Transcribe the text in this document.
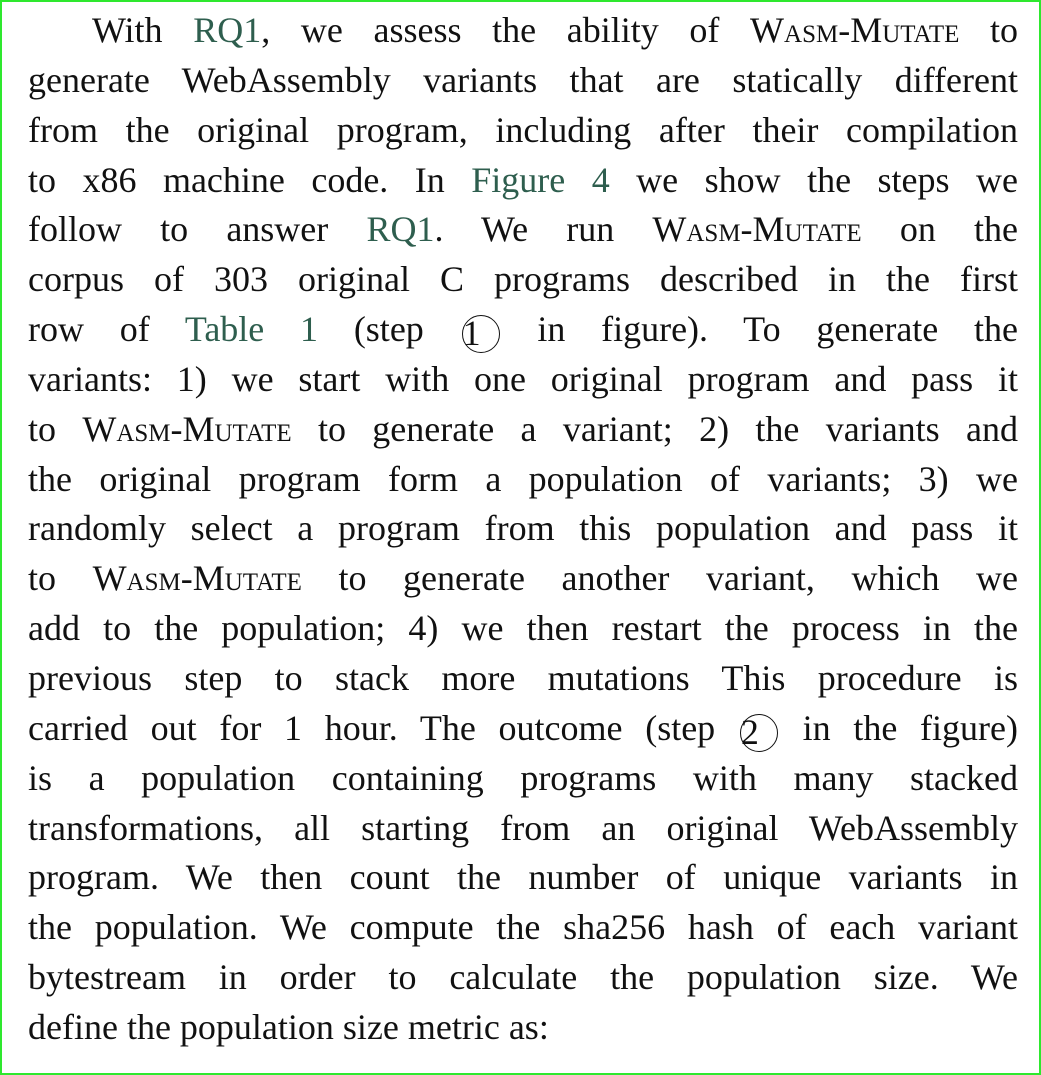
With RQ1, we assess the ability of Wasm-Mutate to
generate WebAssembly variants that are statically different
from the original program, including after their compilation
to x86 machine code. In Figure 4 we show the steps we
follow to answer RQ1. We run Wasm-Mutate on the
corpus of 303 original C programs described in the first
row of Table 1 (step 1 in figure). To generate the
variants: 1) we start with one original program and pass it
to Wasm-Mutate to generate a variant; 2) the variants and
the original program form a population of variants; 3) we
randomly select a program from this population and pass it
to Wasm-Mutate to generate another variant, which we
add to the population; 4) we then restart the process in the
previous step to stack more mutations This procedure is
carried out for 1 hour. The outcome (step 2 in the figure)
is a population containing programs with many stacked
transformations, all starting from an original WebAssembly
program. We then count the number of unique variants in
the population. We compute the sha256 hash of each variant
bytestream in order to calculate the population size. We
define the population size metric as:
